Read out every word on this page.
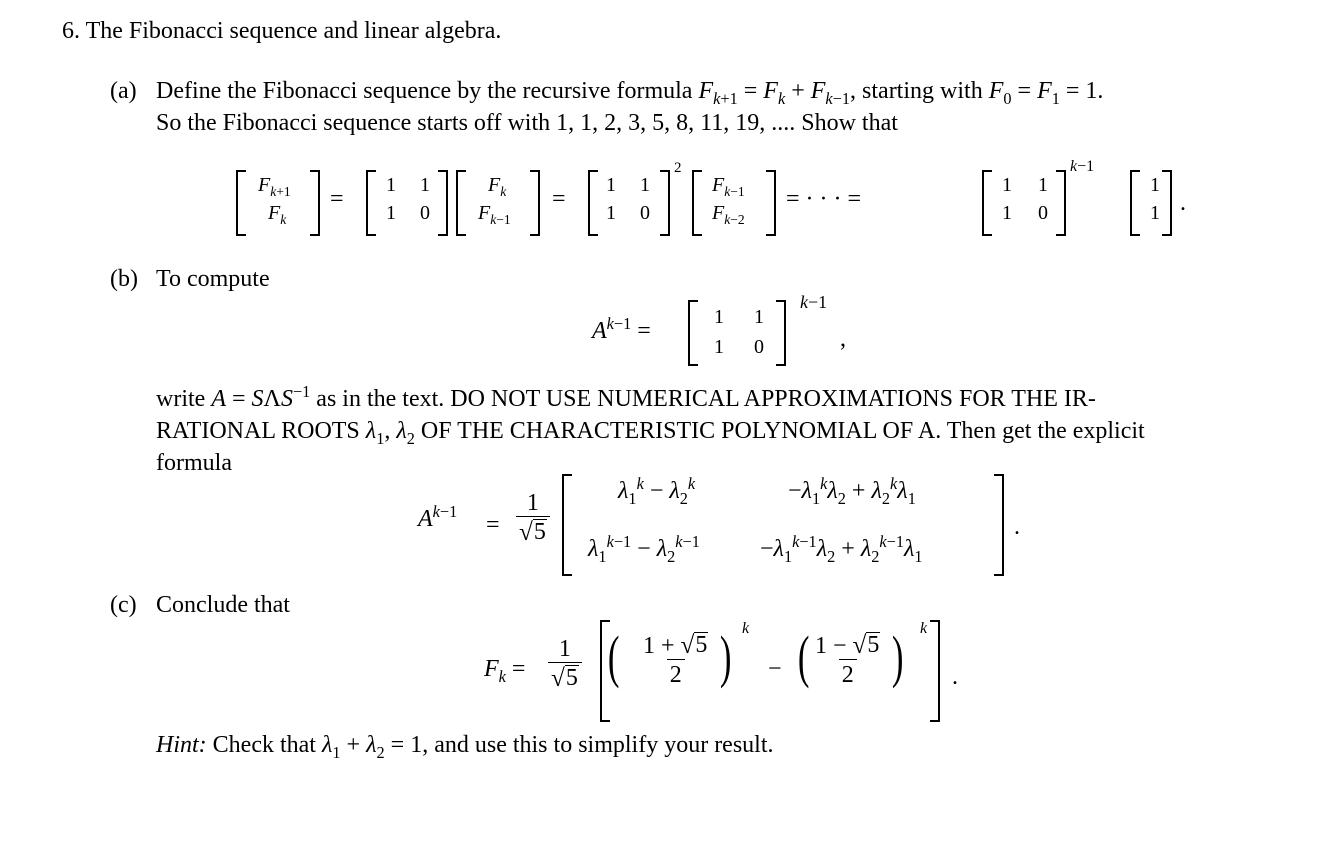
6. The Fibonacci sequence and linear algebra.
(a) Define the Fibonacci sequence by the recursive formula $F_{k+1} = F_k + F_{k-1}$, starting with $F_0 = F_1 = 1$.
So the Fibonacci sequence starts off with 1, 1, 2, 3, 5, 8, 11, 19, .... Show that
$F_{k+1}$
$F_k$
=
1 1
1 0
$F_k$
$F_{k-1}$
=
1 1
1 0
2
$F_{k-1}$
$F_{k-2}$
= · · · =
1 1
1 0
k−1
1
1 .
(b) To compute
$A^{k-1}$ =
1 1
1 0
k−1
,
write $A = S\Lambda S^{-1}$ as in the text. DO NOT USE NUMERICAL APPROXIMATIONS FOR THE IR-
RATIONAL ROOTS $\lambda_1$, $\lambda_2$ OF THE CHARACTERISTIC POLYNOMIAL OF A. Then get the explicit
formula
$A^{k-1}$
= $\frac{1}{√ 5}$	$\lambda_1^k - \lambda_2^k$	$-\lambda_1^k\lambda_2 + \lambda_2^k\lambda_1$
$\lambda_1^{k-1} - \lambda_2^{k-1}$	$-\lambda_1^{k-1}\lambda_2 + \lambda_2^{k-1}\lambda_1$
.
(c) Conclude that
$F_k = \frac{1}{√ 5}$ ( $\frac{1 + √ 5}{2}$ ) k
− ( $\frac{1 - √ 5}{2}$ ) k
.
Hint: Check that $\lambda_1 + \lambda_2 = 1$, and use this to simplify your result.
